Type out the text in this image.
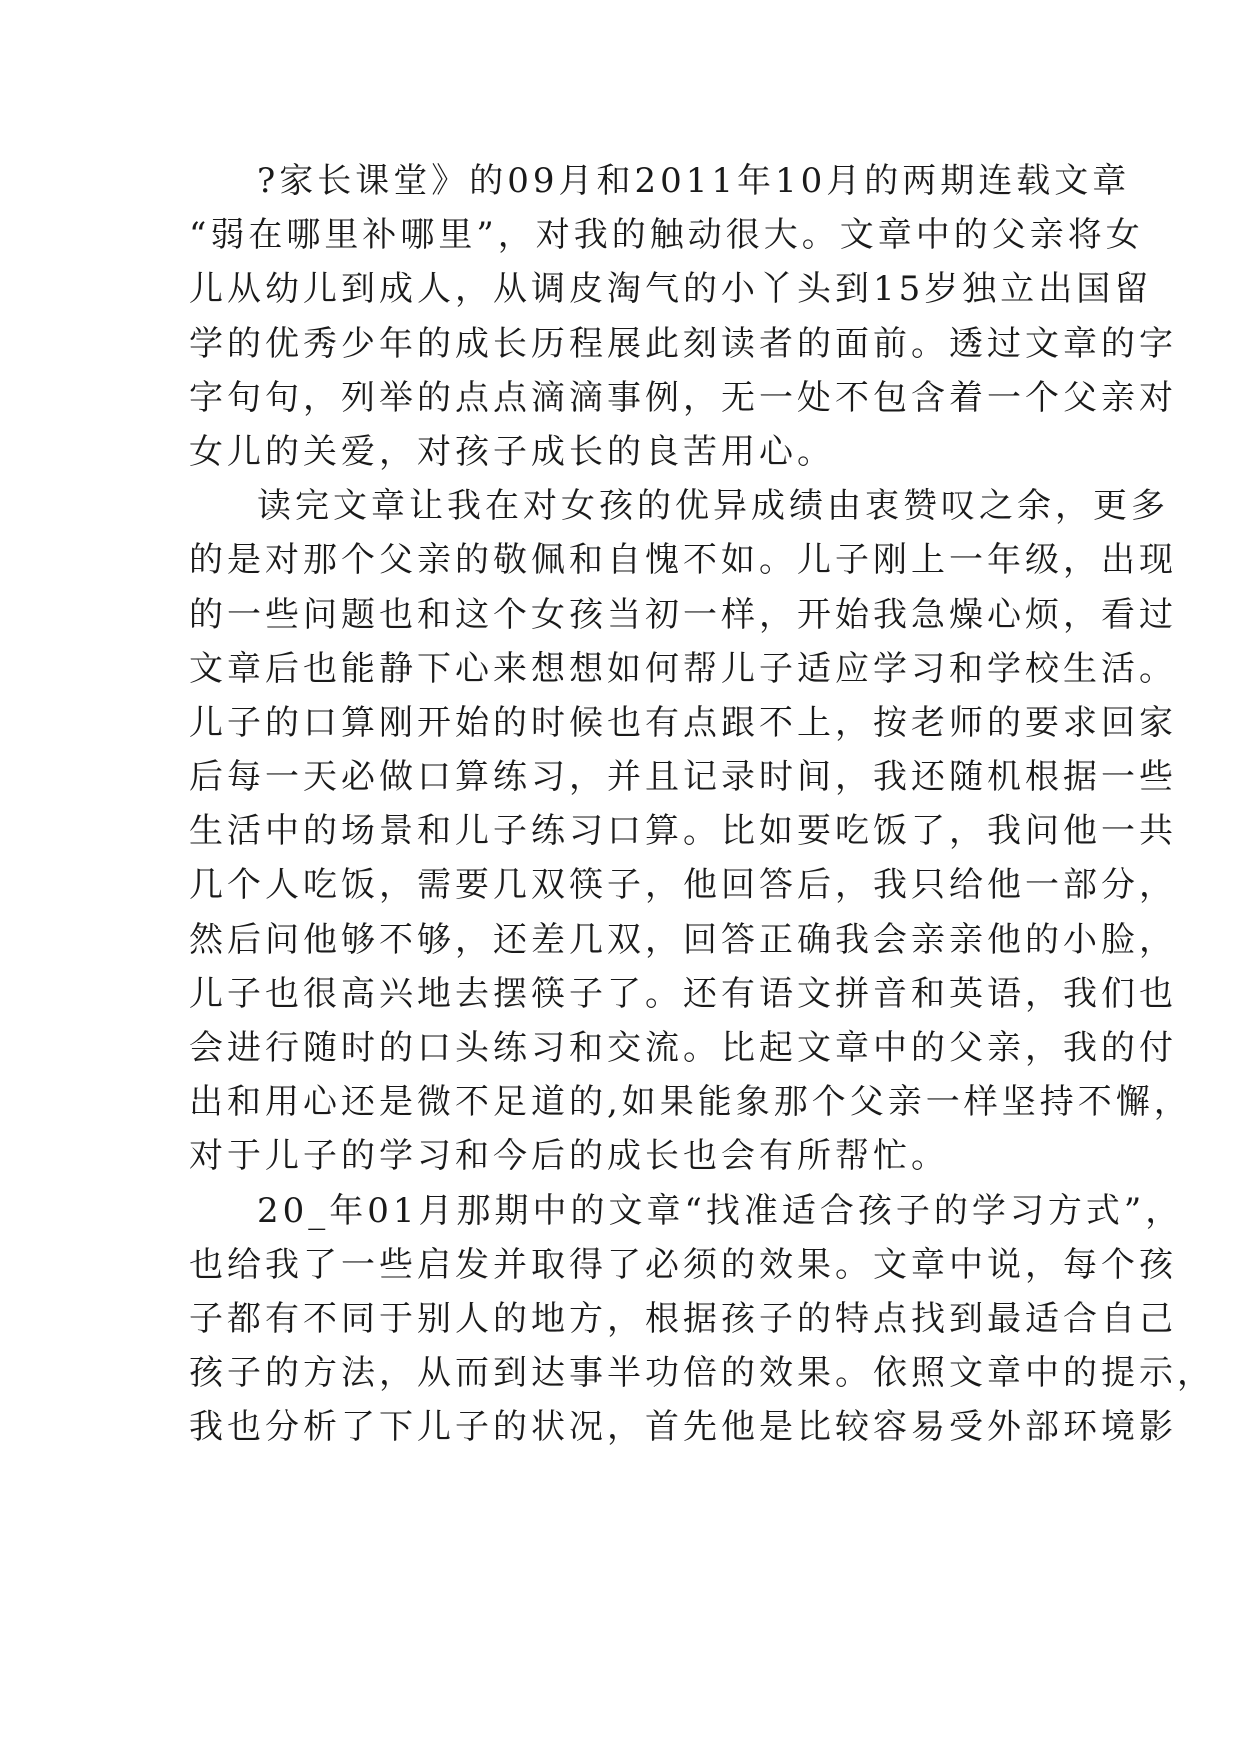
?家长课堂》的09月和2011年10月的两期连载文章
“弱在哪里补哪里”，对我的触动很大。文章中的父亲将女
儿从幼儿到成人，从调皮淘气的小丫头到15岁独立出国留
学的优秀少年的成长历程展此刻读者的面前。透过文章的字
字句句，列举的点点滴滴事例，无一处不包含着一个父亲对
女儿的关爱，对孩子成长的良苦用心。
读完文章让我在对女孩的优异成绩由衷赞叹之余，更多
的是对那个父亲的敬佩和自愧不如。儿子刚上一年级，出现
的一些问题也和这个女孩当初一样，开始我急燥心烦，看过
文章后也能静下心来想想如何帮儿子适应学习和学校生活。
儿子的口算刚开始的时候也有点跟不上，按老师的要求回家
后每一天必做口算练习，并且记录时间，我还随机根据一些
生活中的场景和儿子练习口算。比如要吃饭了，我问他一共
几个人吃饭，需要几双筷子，他回答后，我只给他一部分，
然后问他够不够，还差几双，回答正确我会亲亲他的小脸，
儿子也很高兴地去摆筷子了。还有语文拼音和英语，我们也
会进行随时的口头练习和交流。比起文章中的父亲，我的付
出和用心还是微不足道的,如果能象那个父亲一样坚持不懈，
对于儿子的学习和今后的成长也会有所帮忙。
20_年01月那期中的文章“找准适合孩子的学习方式”，
也给我了一些启发并取得了必须的效果。文章中说，每个孩
子都有不同于别人的地方，根据孩子的特点找到最适合自己
孩子的方法，从而到达事半功倍的效果。依照文章中的提示，
我也分析了下儿子的状况，首先他是比较容易受外部环境影
